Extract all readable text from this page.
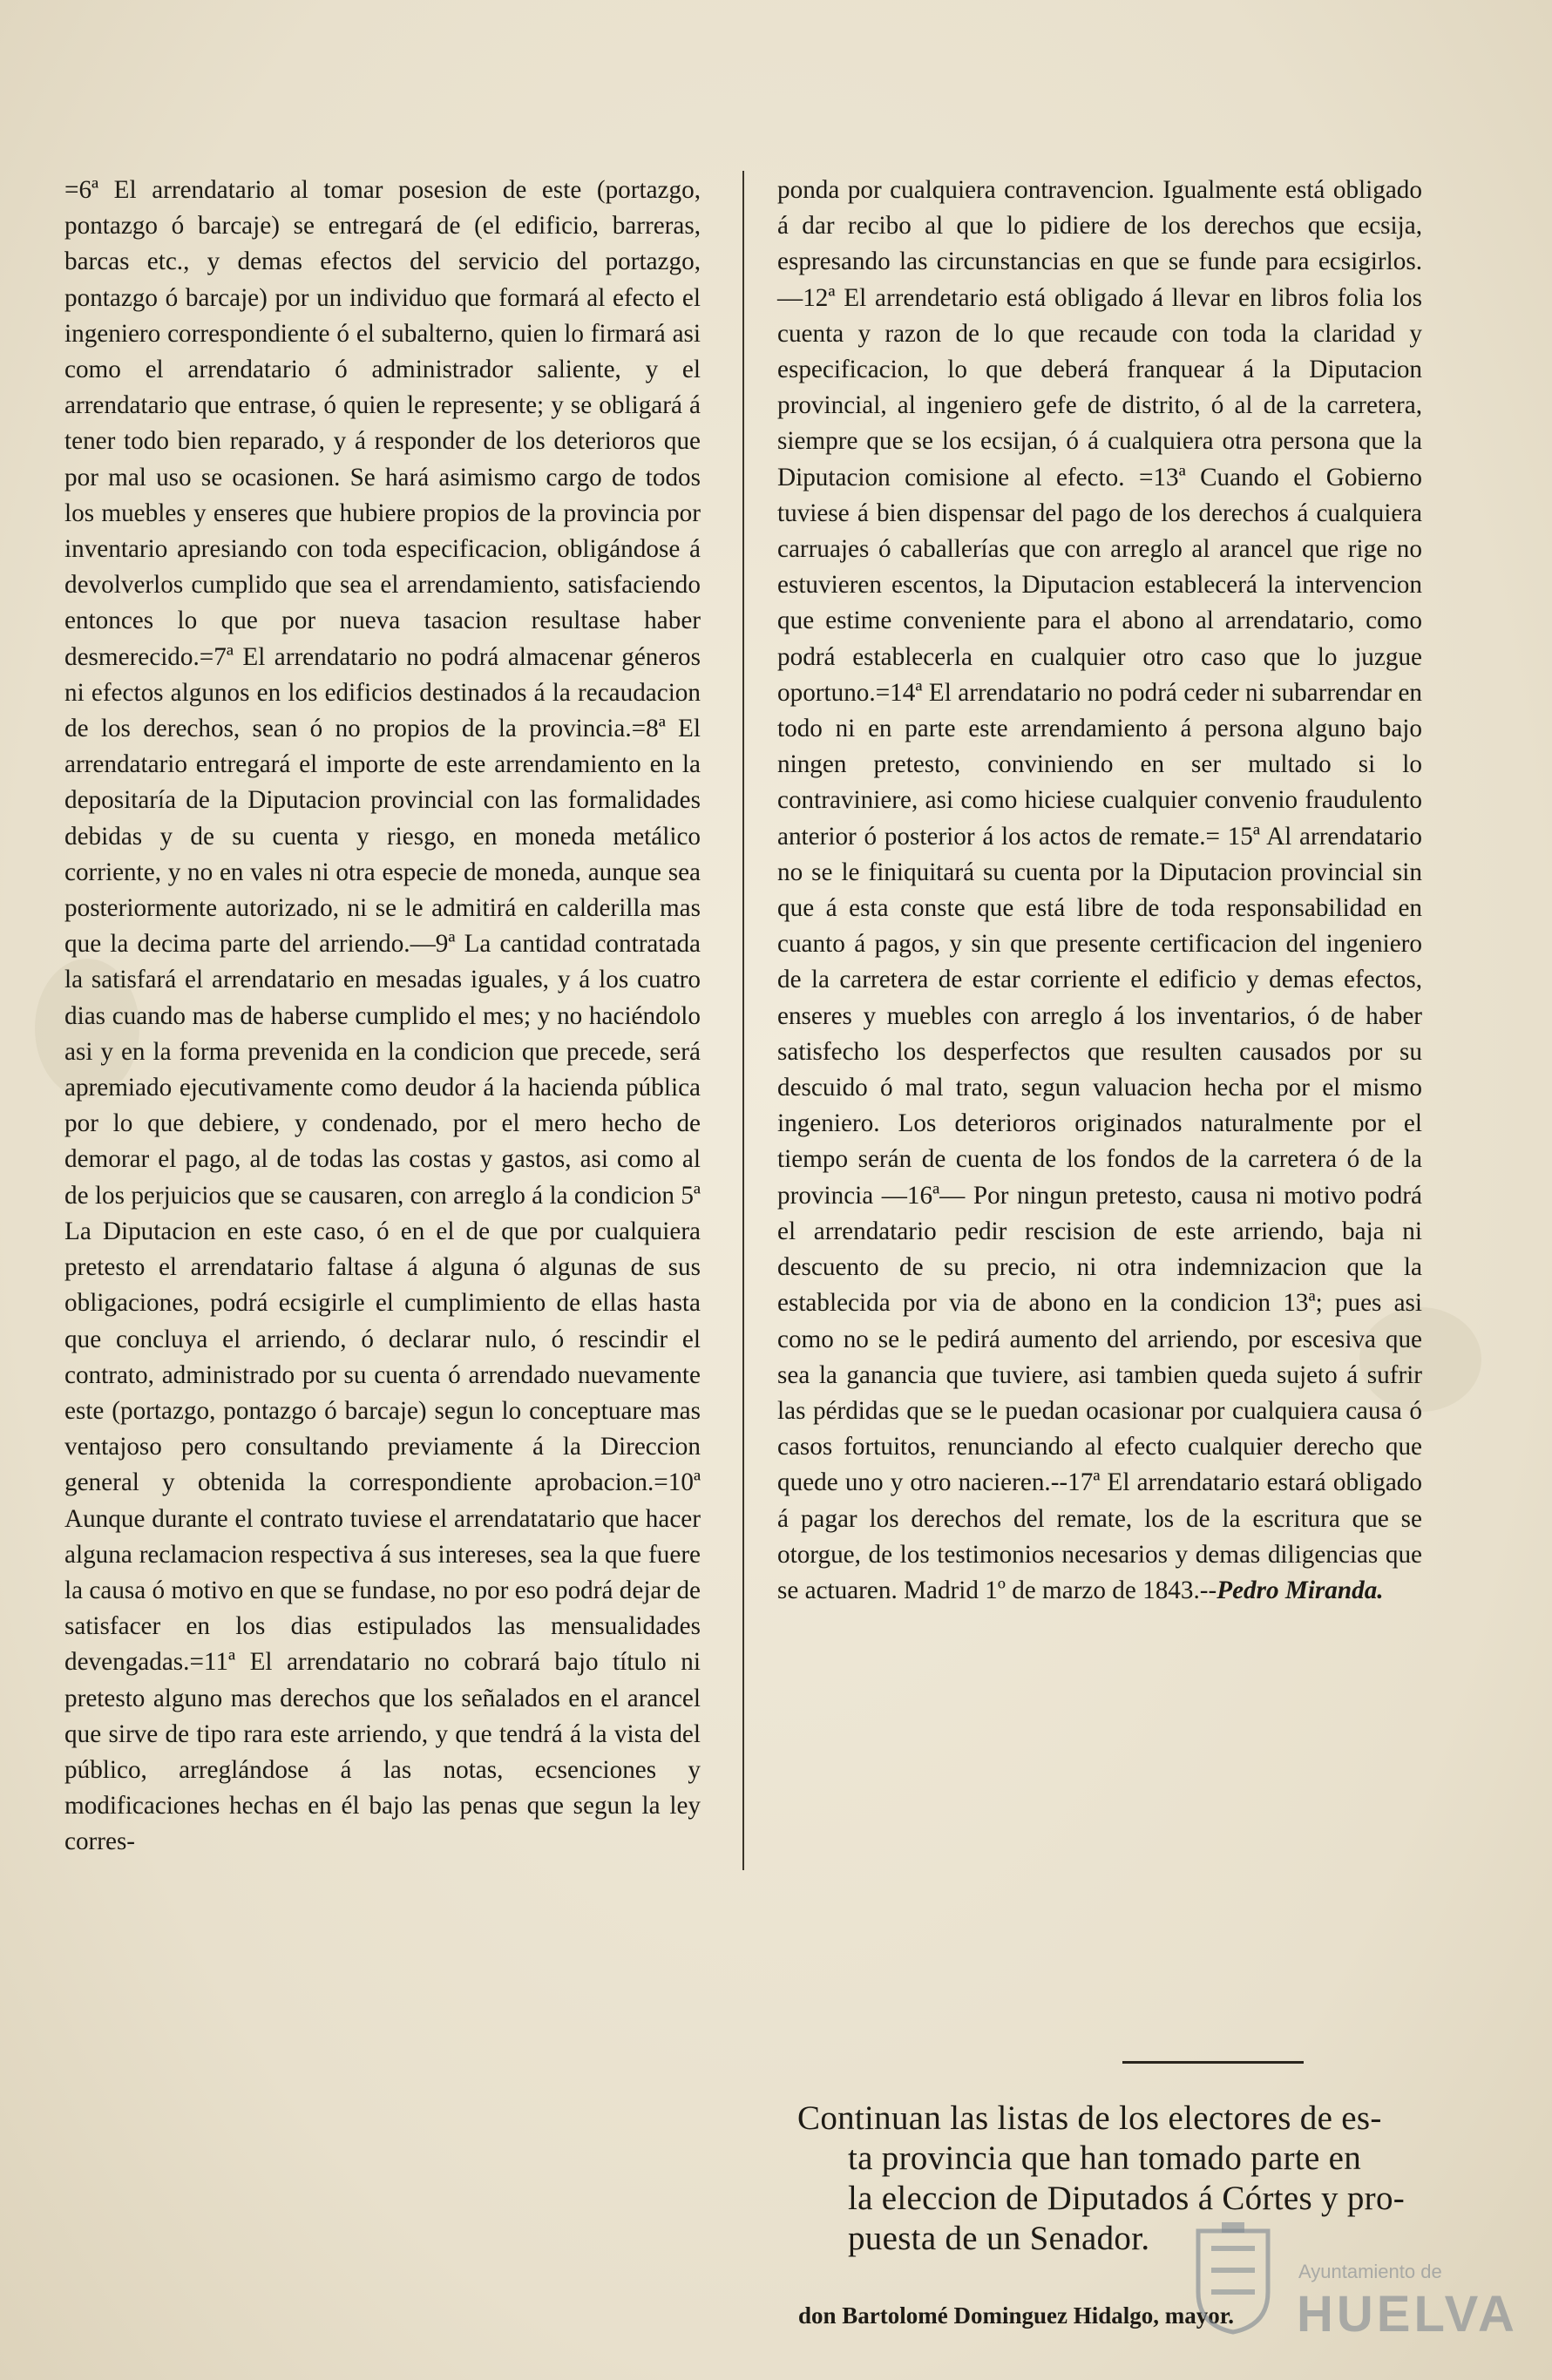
=6ª El arrendatario al tomar posesion de este (portazgo, pontazgo ó barcaje) se entregará de (el edificio, barreras, barcas etc., y demas efectos del servicio del portazgo, pontazgo ó barcaje) por un individuo que formará al efecto el ingeniero correspondiente ó el subalterno, quien lo firmará asi como el arrendatario ó administrador saliente, y el arrendatario que entrase, ó quien le represente; y se obligará á tener todo bien reparado, y á responder de los deterioros que por mal uso se ocasionen. Se hará asimismo cargo de todos los muebles y enseres que hubiere propios de la provincia por inventario apresiando con toda especificacion, obligándose á devolverlos cumplido que sea el arrendamiento, satisfaciendo entonces lo que por nueva tasacion resultase haber desmerecido.=7ª El arrendatario no podrá almacenar géneros ni efectos algunos en los edificios destinados á la recaudacion de los derechos, sean ó no propios de la provincia.=8ª El arrendatario entregará el importe de este arrendamiento en la depositaría de la Diputacion provincial con las formalidades debidas y de su cuenta y riesgo, en moneda metálico corriente, y no en vales ni otra especie de moneda, aunque sea posteriormente autorizado, ni se le admitirá en calderilla mas que la decima parte del arriendo.—9ª La cantidad contratada la satisfará el arrendatario en mesadas iguales, y á los cuatro dias cuando mas de haberse cumplido el mes; y no haciéndolo asi y en la forma prevenida en la condicion que precede, será apremiado ejecutivamente como deudor á la hacienda pública por lo que debiere, y condenado, por el mero hecho de demorar el pago, al de todas las costas y gastos, asi como al de los perjuicios que se causaren, con arreglo á la condicion 5ª La Diputacion en este caso, ó en el de que por cualquiera pretesto el arrendatario faltase á alguna ó algunas de sus obligaciones, podrá ecsigirle el cumplimiento de ellas hasta que concluya el arriendo, ó declarar nulo, ó rescindir el contrato, administrado por su cuenta ó arrendado nuevamente este (portazgo, pontazgo ó barcaje) segun lo conceptuare mas ventajoso pero consultando previamente á la Direccion general y obtenida la correspondiente aprobacion.=10ª Aunque durante el contrato tuviese el arrendatatario que hacer alguna reclamacion respectiva á sus intereses, sea la que fuere la causa ó motivo en que se fundase, no por eso podrá dejar de satisfacer en los dias estipulados las mensualidades devengadas.=11ª El arrendatario no cobrará bajo título ni pretesto alguno mas derechos que los señalados en el arancel que sirve de tipo rara este arriendo, y que tendrá á la vista del público, arreglándose á las notas, ecsenciones y modificaciones hechas en él bajo las penas que segun la ley corres-

ponda por cualquiera contravencion. Igualmente está obligado á dar recibo al que lo pidiere de los derechos que ecsija, espresando las circunstancias en que se funde para ecsigirlos.—12ª El arrendetario está obligado á llevar en libros folia los cuenta y razon de lo que recaude con toda la claridad y especificacion, lo que deberá franquear á la Diputacion provincial, al ingeniero gefe de distrito, ó al de la carretera, siempre que se los ecsijan, ó á cualquiera otra persona que la Diputacion comisione al efecto. =13ª Cuando el Gobierno tuviese á bien dispensar del pago de los derechos á cualquiera carruajes ó caballerías que con arreglo al arancel que rige no estuvieren escentos, la Diputacion establecerá la intervencion que estime conveniente para el abono al arrendatario, como podrá establecerla en cualquier otro caso que lo juzgue oportuno.=14ª El arrendatario no podrá ceder ni subarrendar en todo ni en parte este arrendamiento á persona alguno bajo ningen pretesto, conviniendo en ser multado si lo contraviniere, asi como hiciese cualquier convenio fraudulento anterior ó posterior á los actos de remate.= 15ª Al arrendatario no se le finiquitará su cuenta por la Diputacion provincial sin que á esta conste que está libre de toda responsabilidad en cuanto á pagos, y sin que presente certificacion del ingeniero de la carretera de estar corriente el edificio y demas efectos, enseres y muebles con arreglo á los inventarios, ó de haber satisfecho los desperfectos que resulten causados por su descuido ó mal trato, segun valuacion hecha por el mismo ingeniero. Los deterioros originados naturalmente por el tiempo serán de cuenta de los fondos de la carretera ó de la provincia —16ª— Por ningun pretesto, causa ni motivo podrá el arrendatario pedir rescision de este arriendo, baja ni descuento de su precio, ni otra indemnizacion que la establecida por via de abono en la condicion 13ª; pues asi como no se le pedirá aumento del arriendo, por escesiva que sea la ganancia que tuviere, asi tambien queda sujeto á sufrir las pérdidas que se le puedan ocasionar por cualquiera causa ó casos fortuitos, renunciando al efecto cualquier derecho que quede uno y otro nacieren.--17ª El arrendatario estará obligado á pagar los derechos del remate, los de la escritura que se otorgue, de los testimonios necesarios y demas diligencias que se actuaren. Madrid 1º de marzo de 1843.--Pedro Miranda.

Continuan las listas de los electores de es-
ta provincia que han tomado parte en
la eleccion de Diputados á Córtes y pro-
puesta de un Senador.
don Bartolomé Dominguez Hidalgo, mayor.
Ayuntamiento de
HUELVA
